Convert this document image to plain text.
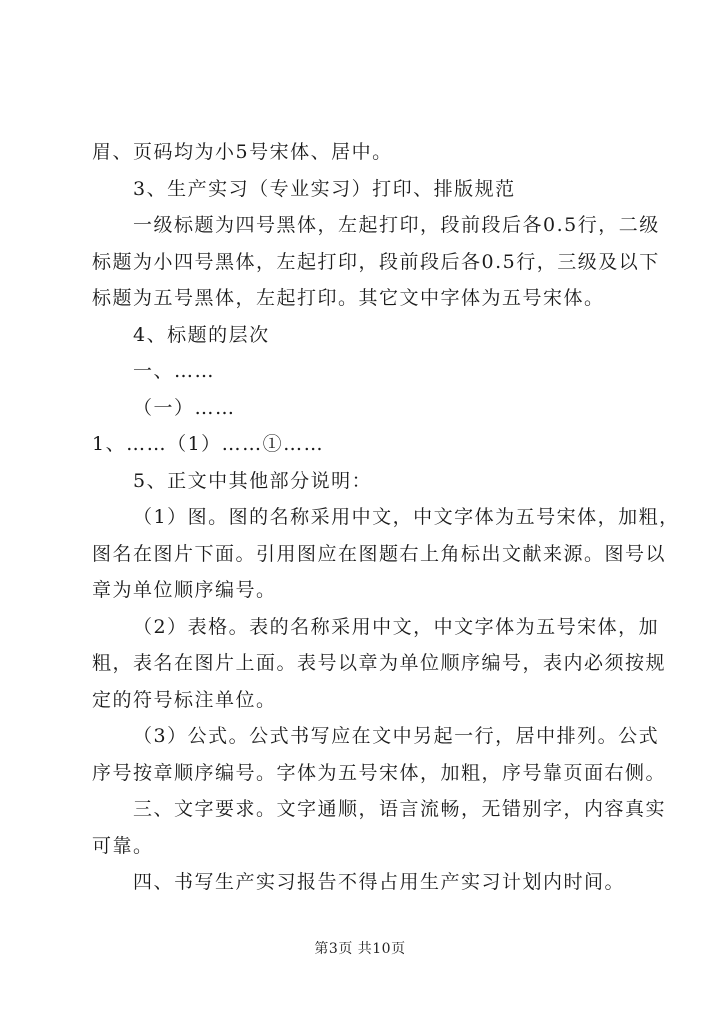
眉、页码均为小5号宋体、居中。
3、生产实习（专业实习）打印、排版规范
一级标题为四号黑体，左起打印，段前段后各0.5行，二级
标题为小四号黑体，左起打印，段前段后各0.5行，三级及以下
标题为五号黑体，左起打印。其它文中字体为五号宋体。
4、标题的层次
一、……
（一）……
1、……（1）……①……
5、正文中其他部分说明：
（1）图。图的名称采用中文，中文字体为五号宋体，加粗，
图名在图片下面。引用图应在图题右上角标出文献来源。图号以
章为单位顺序编号。
（2）表格。表的名称采用中文，中文字体为五号宋体，加
粗，表名在图片上面。表号以章为单位顺序编号，表内必须按规
定的符号标注单位。
（3）公式。公式书写应在文中另起一行，居中排列。公式
序号按章顺序编号。字体为五号宋体，加粗，序号靠页面右侧。
三、文字要求。文字通顺，语言流畅，无错别字，内容真实
可靠。
四、书写生产实习报告不得占用生产实习计划内时间。
第3页 共10页
